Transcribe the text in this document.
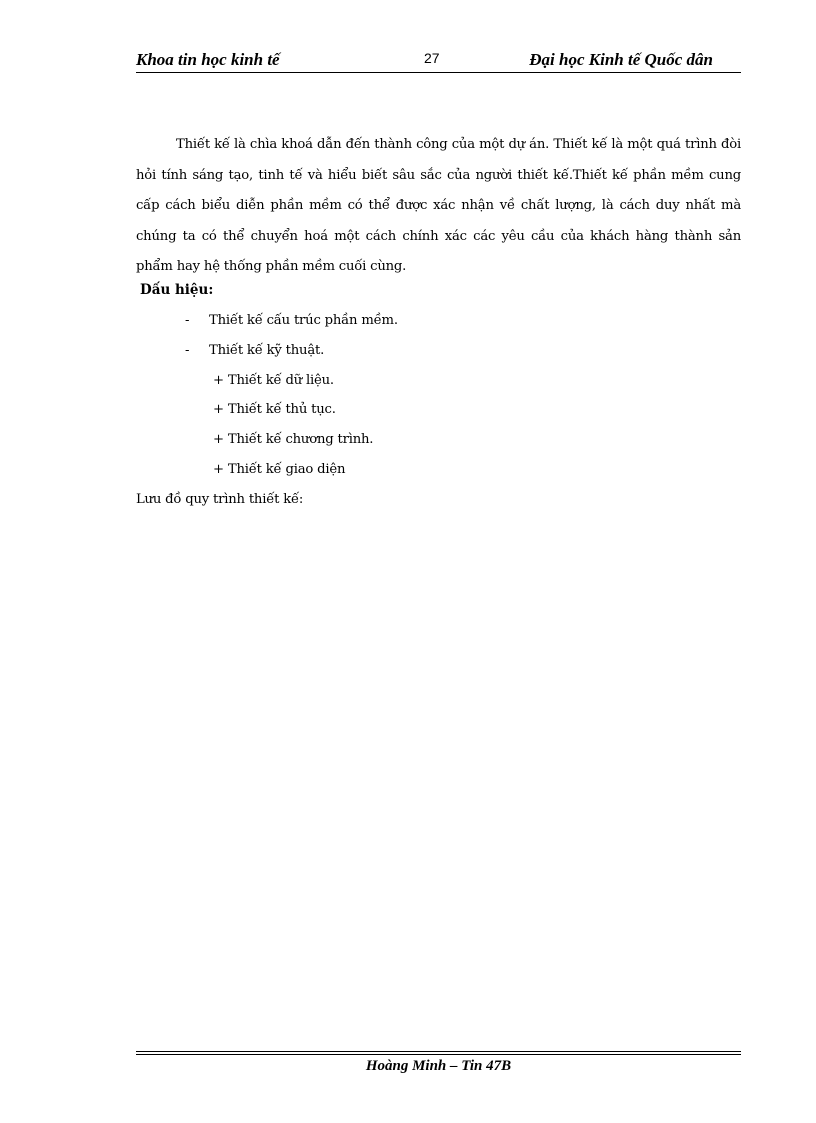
Khoa tin học kinh tế	27	Đại học Kinh tế Quốc dân
Thiết kế là chìa khoá dẫn đến thành công của một dự án. Thiết kế là một quá trình đòi hỏi tính sáng tạo, tinh tế và hiểu biết sâu sắc của người thiết kế.Thiết kế phần mềm cung cấp cách biểu diễn phần mềm có thể được xác nhận về chất lượng, là cách duy nhất mà chúng ta có thể chuyển hoá một cách chính xác các yêu cầu của khách hàng thành sản phẩm hay hệ thống phần mềm cuối cùng.
Dấu hiệu:
- Thiết kế cấu trúc phần mềm.
- Thiết kế kỹ thuật.
+ Thiết kế dữ liệu.
+ Thiết kế thủ tục.
+ Thiết kế chương trình.
+ Thiết kế giao diện
Lưu đồ quy trình thiết kế:
Hoàng Minh – Tin 47B
